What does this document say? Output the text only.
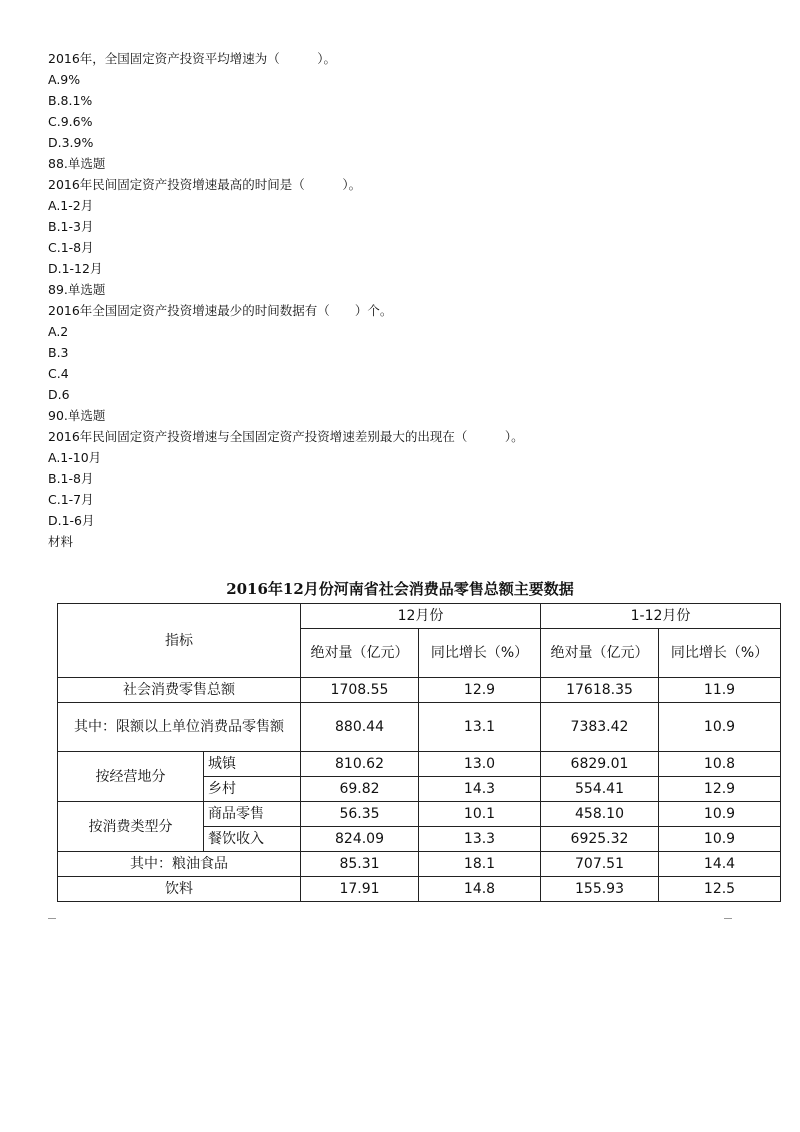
2016年，全国固定资产投资平均增速为（　　　）。
A.9%
B.8.1%
C.9.6%
D.3.9%
88.单选题
2016年民间固定资产投资增速最高的时间是（　　　）。
A.1-2月
B.1-3月
C.1-8月
D.1-12月
89.单选题
2016年全国固定资产投资增速最少的时间数据有（　　）个。
A.2
B.3
C.4
D.6
90.单选题
2016年民间固定资产投资增速与全国固定资产投资增速差别最大的出现在（　　　）。
A.1-10月
B.1-8月
C.1-7月
D.1-6月
材料
2016年12月份河南省社会消费品零售总额主要数据
指标		12月份		1-12月份	
		绝对量（亿元）	同比增长（%）	绝对量（亿元）	同比增长（%）
社会消费零售总额		1708.55	12.9	17618.35	11.9
其中：限额以上单位消费品零售额		880.44	13.1	7383.42	10.9
按经营地分	城镇	810.62	13.0	6829.01	10.8
	乡村	69.82	14.3	554.41	12.9
按消费类型分	商品零售	56.35	10.1	458.10	10.9
	餐饮收入	824.09	13.3	6925.32	10.9
其中：粮油食品		85.31	18.1	707.51	14.4
饮料		17.91	14.8	155.93	12.5
